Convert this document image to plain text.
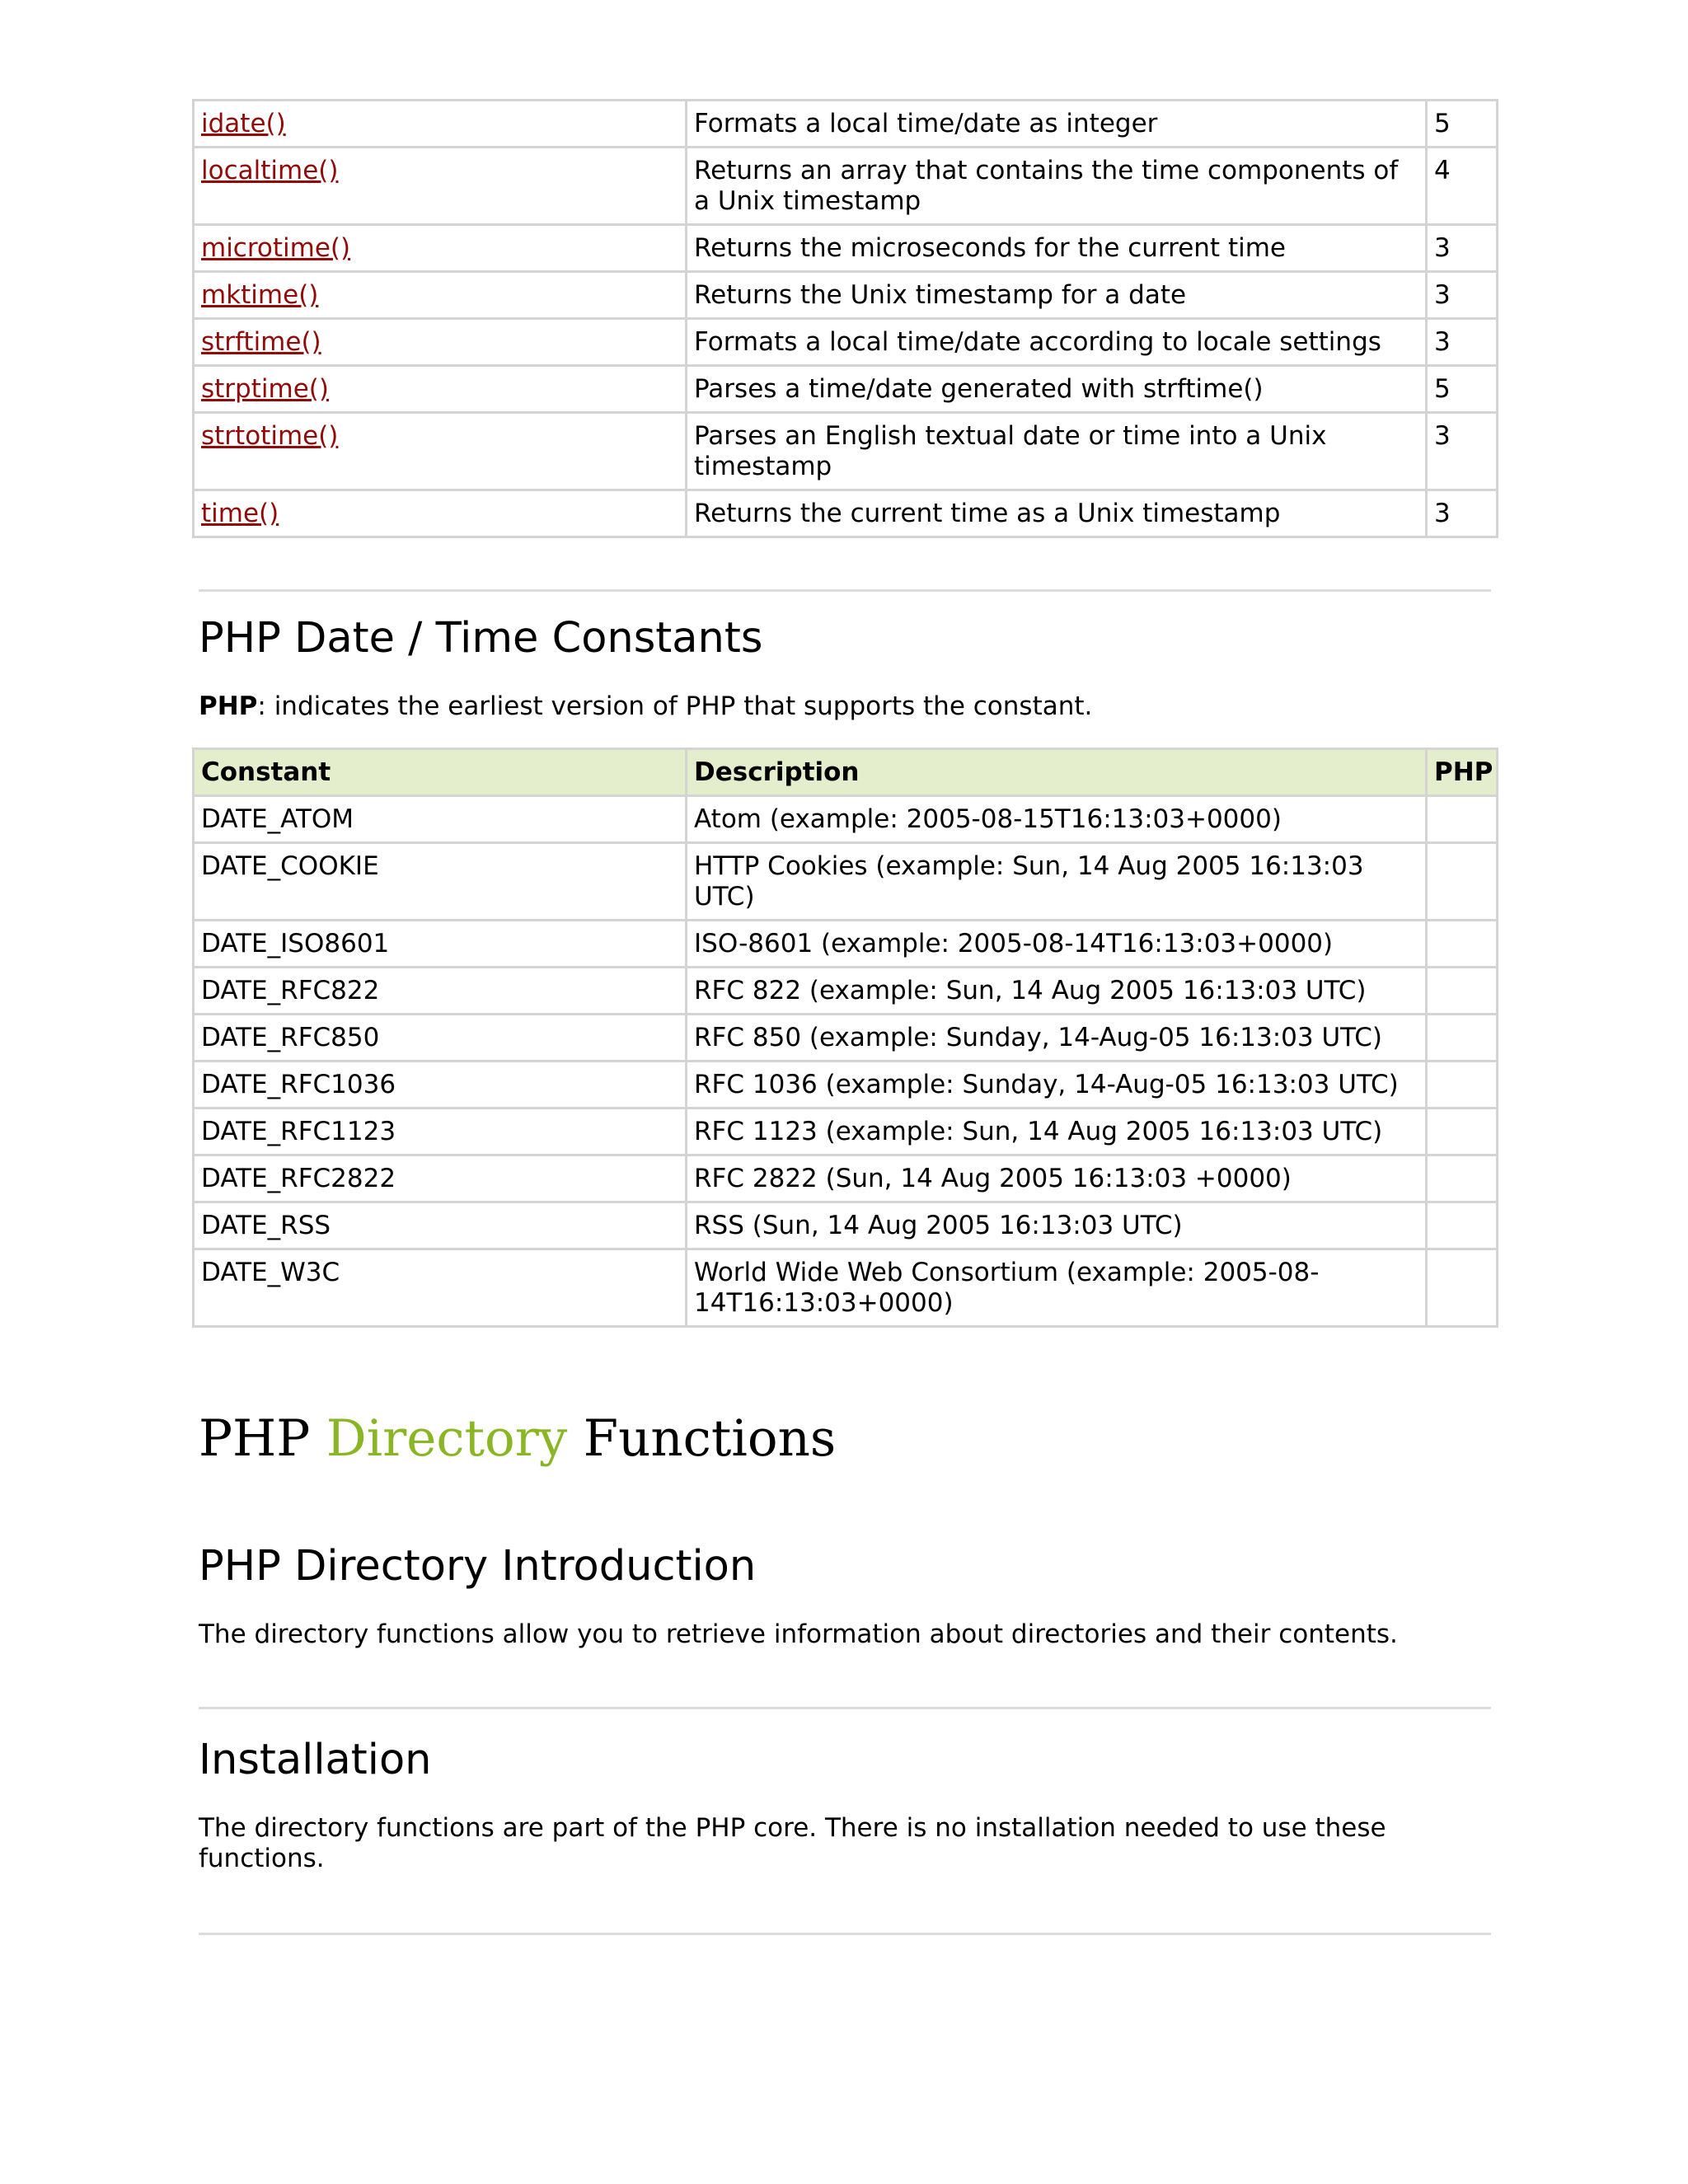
idate()	Formats a local time/date as integer	5
localtime()	Returns an array that contains the time components of a Unix timestamp	4
microtime()	Returns the microseconds for the current time	3
mktime()	Returns the Unix timestamp for a date	3
strftime()	Formats a local time/date according to locale settings	3
strptime()	Parses a time/date generated with strftime()	5
strtotime()	Parses an English textual date or time into a Unix timestamp	3
time()	Returns the current time as a Unix timestamp	3
PHP Date / Time Constants

PHP: indicates the earliest version of PHP that supports the constant.

Constant	Description	PHP
DATE_ATOM	Atom (example: 2005-08-15T16:13:03+0000)	
DATE_COOKIE	HTTP Cookies (example: Sun, 14 Aug 2005 16:13:03 UTC)	
DATE_ISO8601	ISO-8601 (example: 2005-08-14T16:13:03+0000)	
DATE_RFC822	RFC 822 (example: Sun, 14 Aug 2005 16:13:03 UTC)	
DATE_RFC850	RFC 850 (example: Sunday, 14-Aug-05 16:13:03 UTC)	
DATE_RFC1036	RFC 1036 (example: Sunday, 14-Aug-05 16:13:03 UTC)	
DATE_RFC1123	RFC 1123 (example: Sun, 14 Aug 2005 16:13:03 UTC)	
DATE_RFC2822	RFC 2822 (Sun, 14 Aug 2005 16:13:03 +0000)	
DATE_RSS	RSS (Sun, 14 Aug 2005 16:13:03 UTC)	
DATE_W3C	World Wide Web Consortium (example: 2005-08-14T16:13:03+0000)	
PHP Directory Functions
PHP Directory Introduction

The directory functions allow you to retrieve information about directories and their contents.

Installation

The directory functions are part of the PHP core. There is no installation needed to use these functions.
